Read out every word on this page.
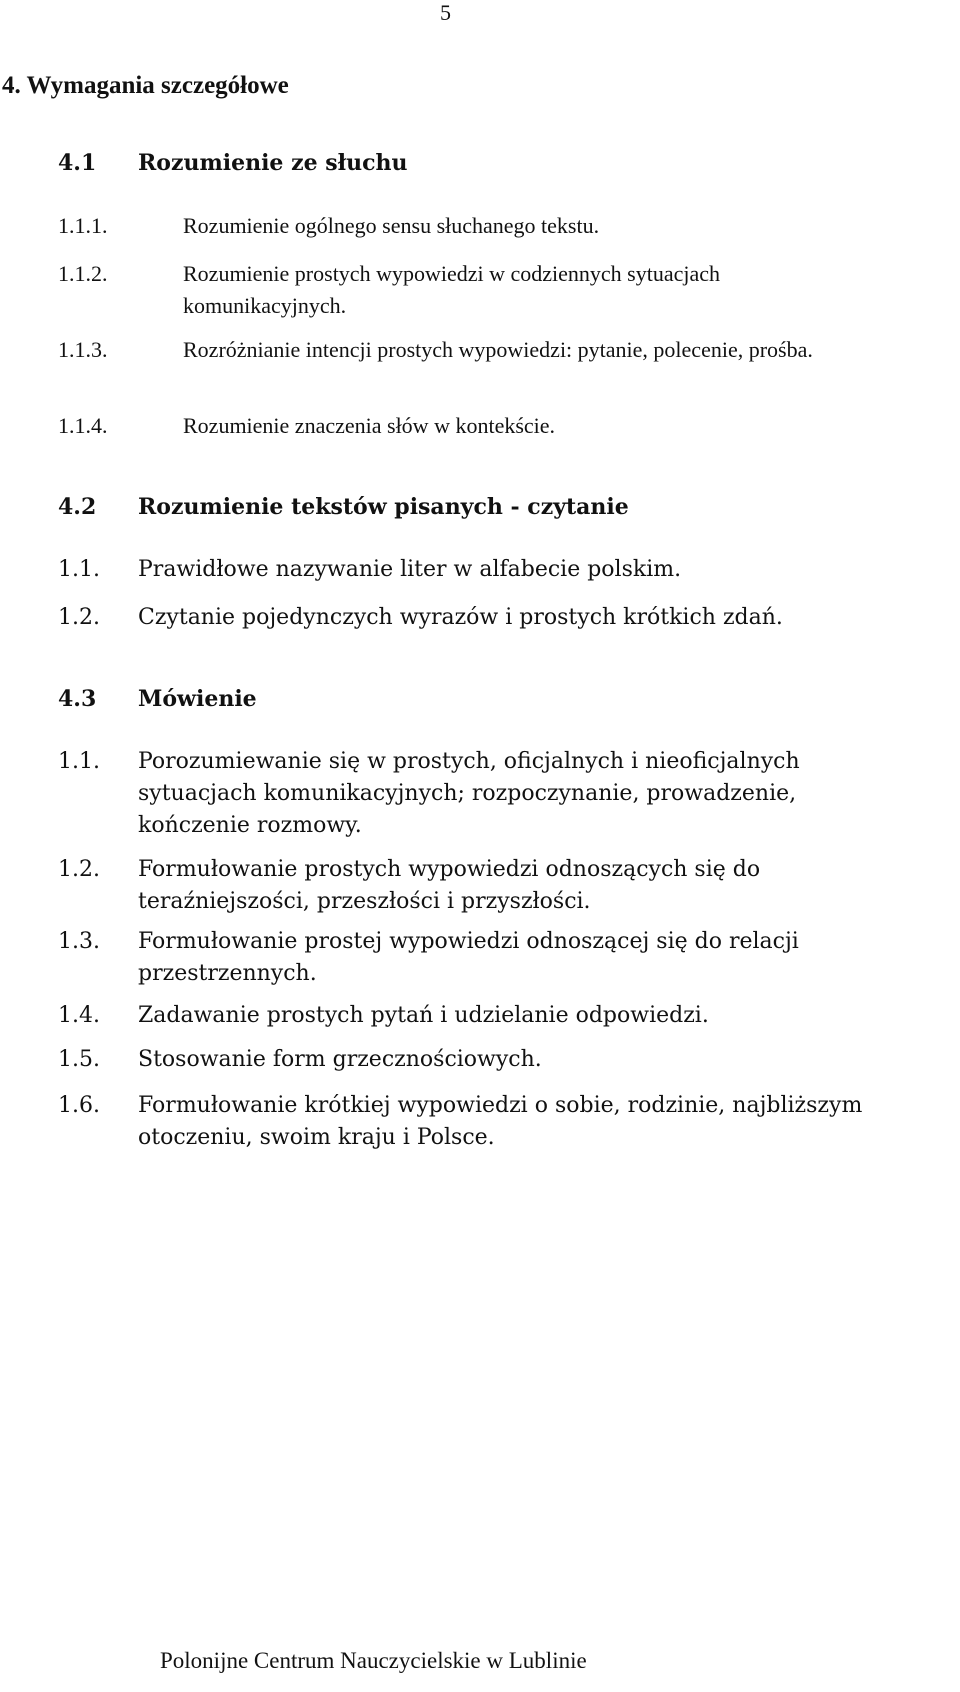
5
4. Wymagania szczegółowe
4.1 Rozumienie ze słuchu
1.1.1.	Rozumienie ogólnego sensu słuchanego tekstu.
1.1.2.	Rozumienie prostych wypowiedzi w codziennych sytuacjach komunikacyjnych.
1.1.3.	Rozróżnianie intencji prostych wypowiedzi: pytanie, polecenie, prośba.
1.1.4.	Rozumienie znaczenia słów w kontekście.
4.2 Rozumienie tekstów pisanych - czytanie
1.1.	Prawidłowe nazywanie liter w alfabecie polskim.
1.2.	Czytanie pojedynczych wyrazów i prostych krótkich zdań.
4.3 Mówienie
1.1.	Porozumiewanie się w prostych, oficjalnych i nieoficjalnych sytuacjach komunikacyjnych; rozpoczynanie, prowadzenie, kończenie rozmowy.
1.2.	Formułowanie prostych wypowiedzi odnoszących się do teraźniejszości, przeszłości i przyszłości.
1.3.	Formułowanie prostej wypowiedzi odnoszącej się do relacji przestrzennych.
1.4.	Zadawanie prostych pytań i udzielanie odpowiedzi.
1.5.	Stosowanie form grzecznościowych.
1.6.	Formułowanie krótkiej wypowiedzi o sobie, rodzinie, najbliższym otoczeniu, swoim kraju i Polsce.
Polonijne Centrum Nauczycielskie w Lublinie
